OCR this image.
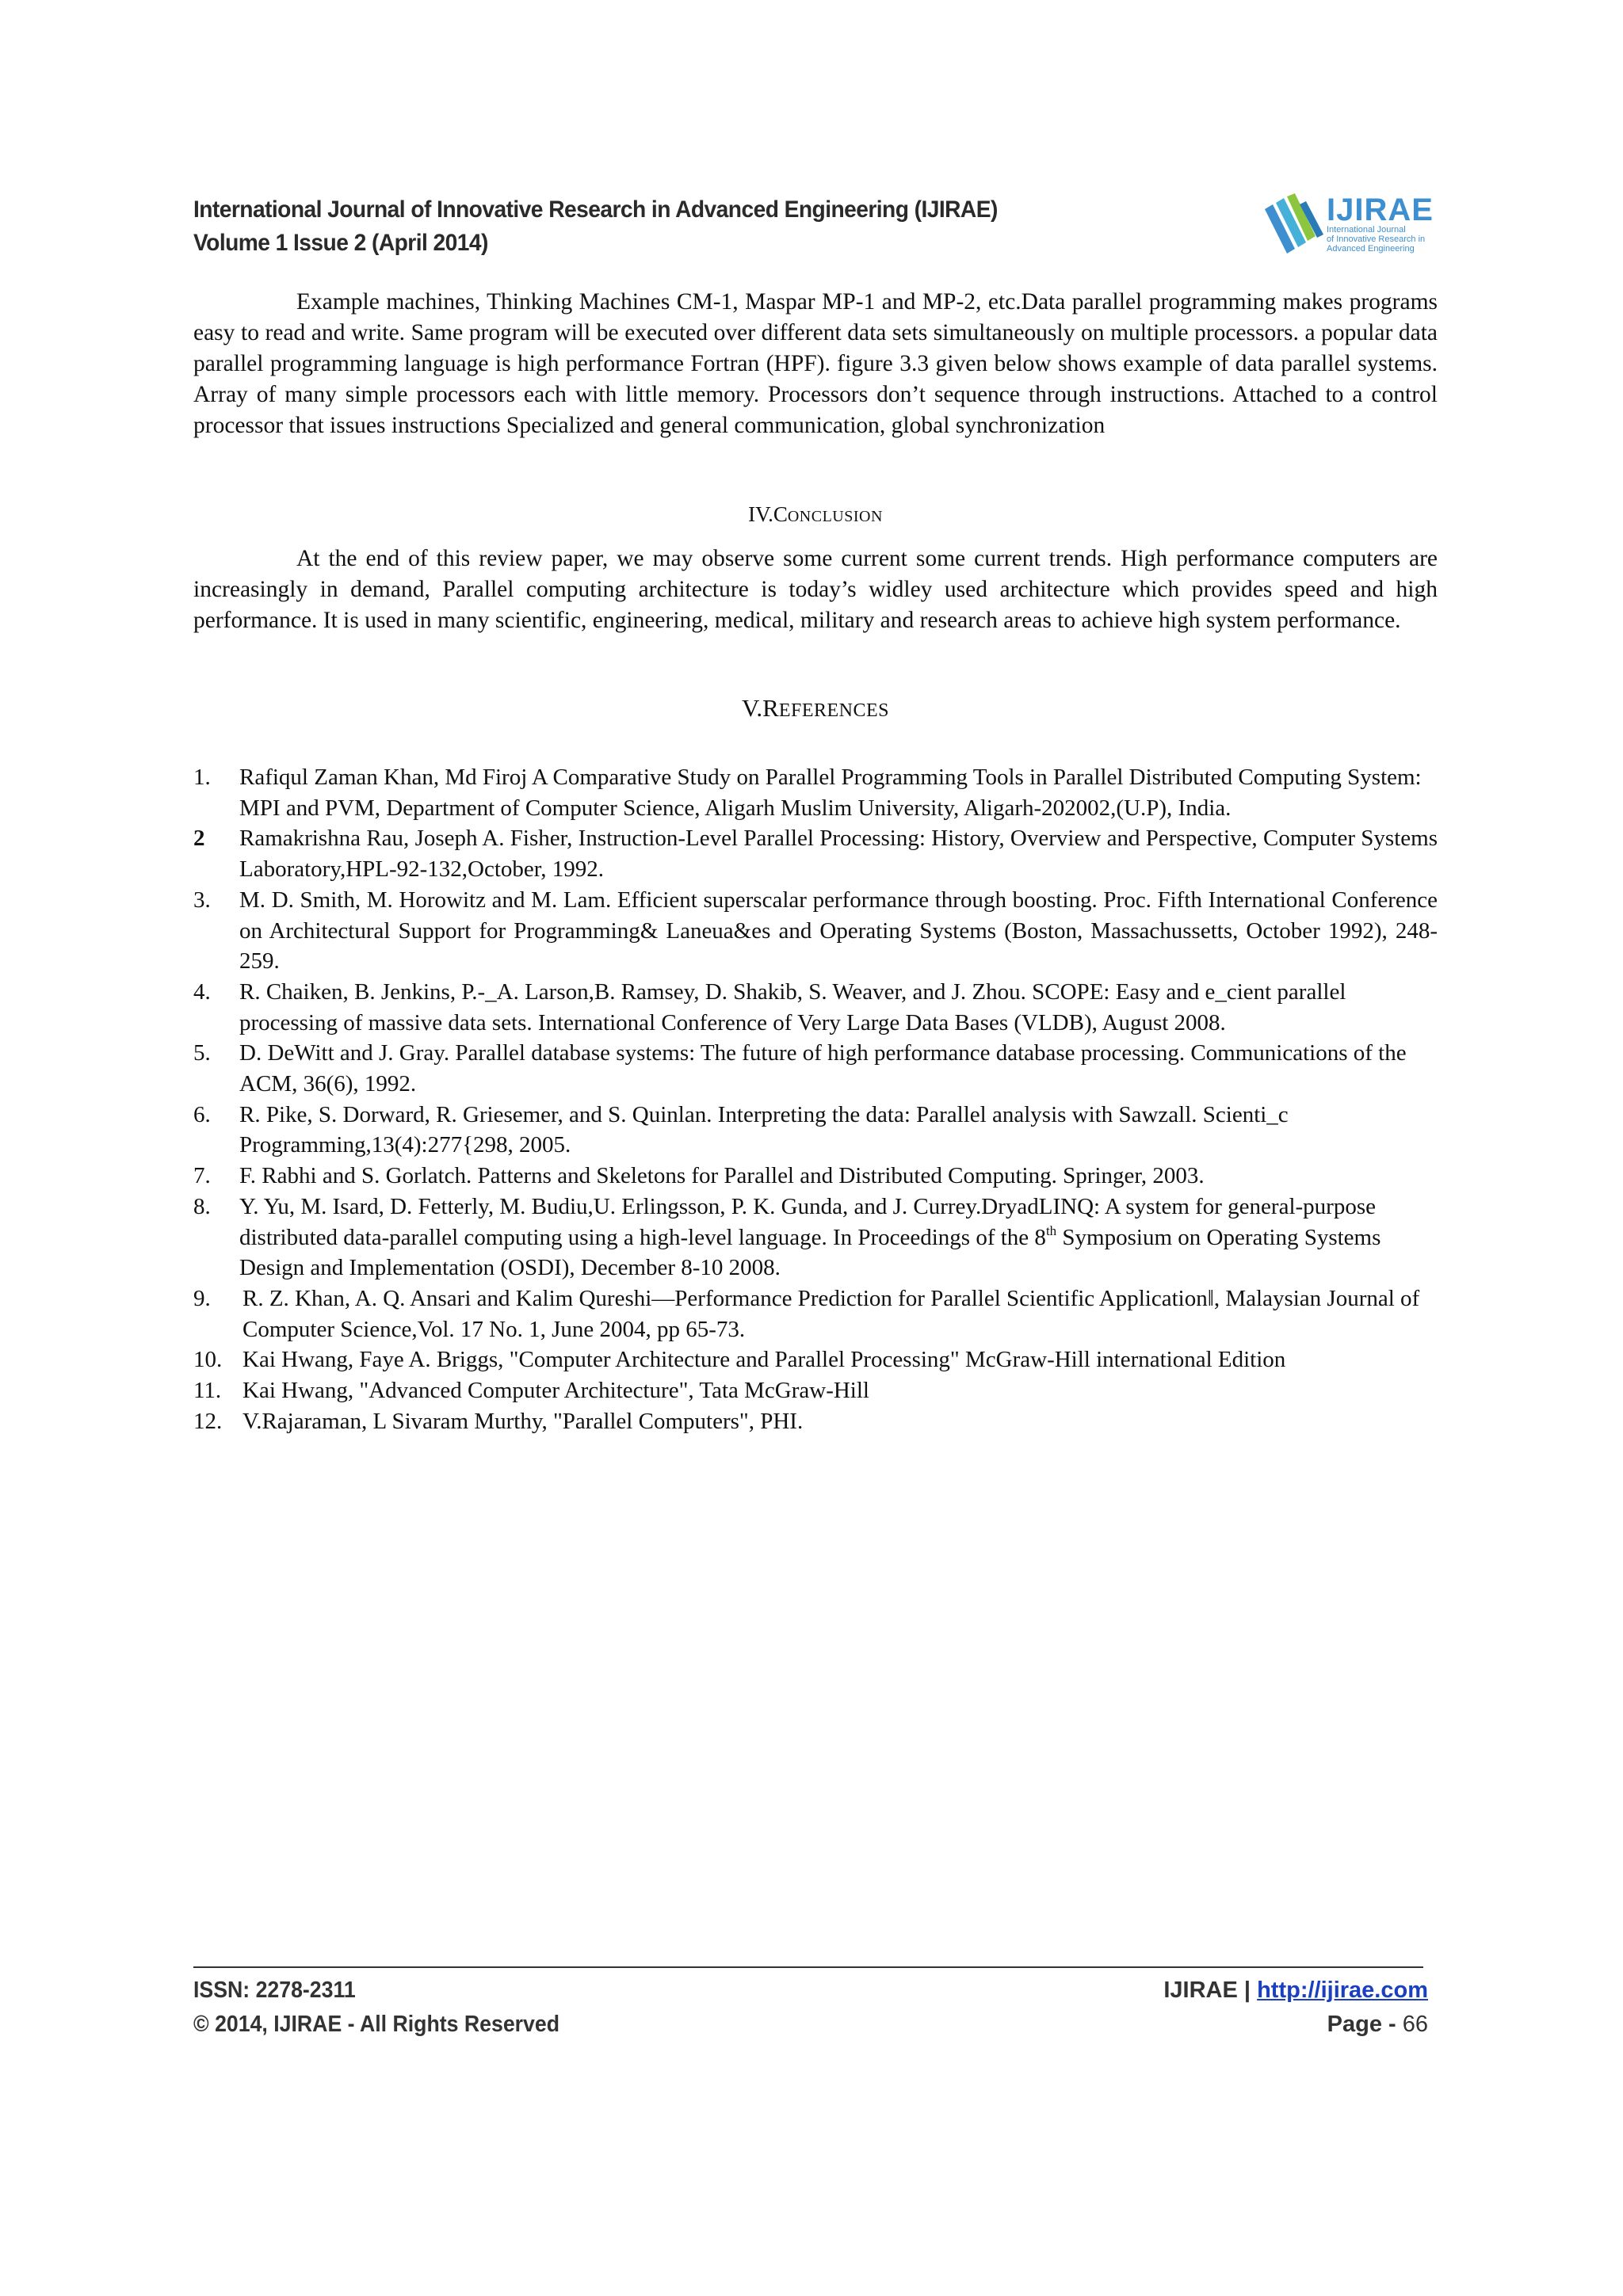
International Journal of Innovative Research in Advanced Engineering (IJIRAE)
Volume 1 Issue 2 (April 2014)
IJIRAE
International Journal
of Innovative Research in
Advanced Engineering

Example machines, Thinking Machines CM-1, Maspar MP-1 and MP-2, etc.Data parallel programming makes programs easy to read and write. Same program will be executed over different data sets simultaneously on multiple processors. a popular data parallel programming language is high performance Fortran (HPF). figure 3.3 given below shows example of data parallel systems. Array of many simple processors each with little memory. Processors don’t sequence through instructions. Attached to a control processor that issues instructions Specialized and general communication, global synchronization

IV.CONCLUSION

At the end of this review paper, we may observe some current some current trends. High performance computers are increasingly in demand, Parallel computing architecture is today’s widley used architecture which provides speed and high performance. It is used in many scientific, engineering, medical, military and research areas to achieve high system performance.

V.REFERENCES
1. Rafiqul Zaman Khan, Md Firoj A Comparative Study on Parallel Programming Tools in Parallel Distributed Computing System: MPI and PVM, Department of Computer Science, Aligarh Muslim University, Aligarh-202002,(U.P), India.
2 Ramakrishna Rau, Joseph A. Fisher, Instruction-Level Parallel Processing: History, Overview and Perspective, Computer Systems Laboratory,HPL-92-132,October, 1992.
3. M. D. Smith, M. Horowitz and M. Lam. Efficient superscalar performance through boosting. Proc. Fifth International Conference on Architectural Support for Programming& Laneua&es and Operating Systems (Boston, Massachussetts, October 1992), 248-259.
4. R. Chaiken, B. Jenkins, P.-_A. Larson,B. Ramsey, D. Shakib, S. Weaver, and J. Zhou. SCOPE: Easy and e_cient parallel processing of massive data sets. International Conference of Very Large Data Bases (VLDB), August 2008.
5. D. DeWitt and J. Gray. Parallel database systems: The future of high performance database processing. Communications of the ACM, 36(6), 1992.
6. R. Pike, S. Dorward, R. Griesemer, and S. Quinlan. Interpreting the data: Parallel analysis with Sawzall. Scienti_c Programming,13(4):277{298, 2005.
7. F. Rabhi and S. Gorlatch. Patterns and Skeletons for Parallel and Distributed Computing. Springer, 2003.
8. Y. Yu, M. Isard, D. Fetterly, M. Budiu,U. Erlingsson, P. K. Gunda, and J. Currey.DryadLINQ: A system for general-purpose distributed data-parallel computing using a high-level language. In Proceedings of the 8th Symposium on Operating Systems Design and Implementation (OSDI), December 8-10 2008.
9. R. Z. Khan, A. Q. Ansari and Kalim Qureshi―Performance Prediction for Parallel Scientific Application‖, Malaysian Journal of Computer Science,Vol. 17 No. 1, June 2004, pp 65-73.
10. Kai Hwang, Faye A. Briggs, "Computer Architecture and Parallel Processing" McGraw-Hill international Edition
11. Kai Hwang, "Advanced Computer Architecture", Tata McGraw-Hill
12. V.Rajaraman, L Sivaram Murthy, "Parallel Computers", PHI.
ISSN: 2278-2311
© 2014, IJIRAE - All Rights Reserved
IJIRAE | http://ijirae.com
Page - 66
